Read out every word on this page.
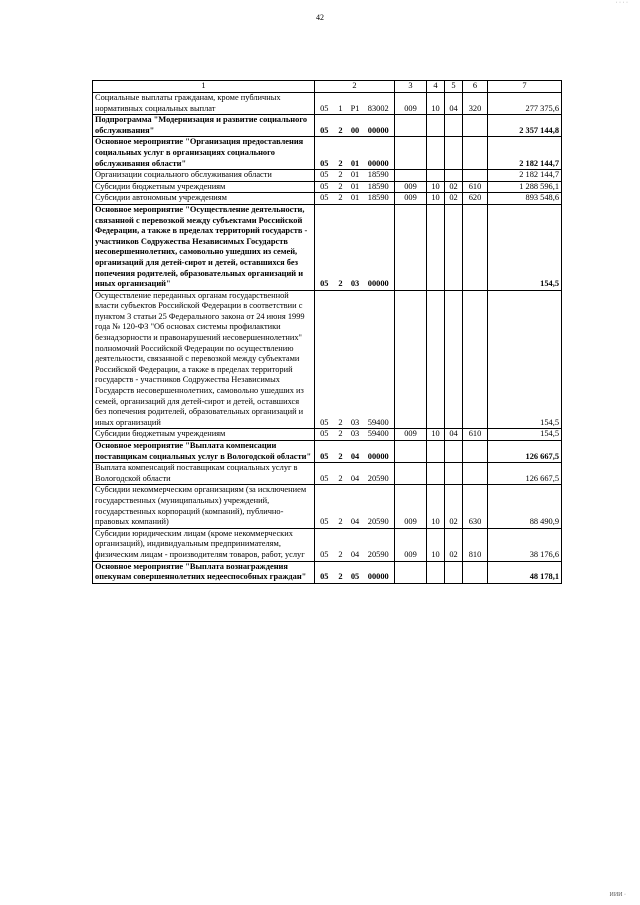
· · · ·
42
1	2				3	4	5	6	7
Социальные выплаты гражданам, кроме публичных нормативных социальных выплат	05	1	Р1	83002	009	10	04	320	277 375,6
Подпрограмма "Модернизация и развитие социального обслуживания"	05	2	00	00000					2 357 144,8
Основное мероприятие "Организация предоставления социальных услуг в организациях социального обслуживания области"	05	2	01	00000					2 182 144,7
Организации социального обслуживания области	05	2	01	18590					2 182 144,7
Субсидии бюджетным учреждениям	05	2	01	18590	009	10	02	610	1 288 596,1
Субсидии автономным учреждениям	05	2	01	18590	009	10	02	620	893 548,6
Основное мероприятие "Осуществление деятельности, связанной с перевозкой между субъектами Российской Федерации, а также в пределах территорий государств - участников Содружества Независимых Государств несовершеннолетних, самовольно ушедших из семей, организаций для детей-сирот и детей, оставшихся без попечения родителей, образовательных организаций и иных организаций"	05	2	03	00000					154,5
Осуществление переданных органам государственной власти субъектов Российской Федерации в соответствии с пунктом 3 статьи 25 Федерального закона от 24 июня 1999 года № 120-ФЗ "Об основах системы профилактики безнадзорности и правонарушений несовершеннолетних" полномочий Российской Федерации по осуществлению деятельности, связанной с перевозкой между субъектами Российской Федерации, а также в пределах территорий государств - участников Содружества Независимых Государств несовершеннолетних, самовольно ушедших из семей, организаций для детей-сирот и детей, оставшихся без попечения родителей, образовательных организаций и иных организаций	05	2	03	59400					154,5
Субсидии бюджетным учреждениям	05	2	03	59400	009	10	04	610	154,5
Основное мероприятие "Выплата компенсации поставщикам социальных услуг в Вологодской области"	05	2	04	00000					126 667,5
Выплата компенсаций поставщикам социальных услуг в Вологодской области	05	2	04	20590					126 667,5
Субсидии некоммерческим организациям (за исключением государственных (муниципальных) учреждений, государственных корпораций (компаний), публично-правовых компаний)	05	2	04	20590	009	10	02	630	88 490,9
Субсидии юридическим лицам (кроме некоммерческих организаций), индивидуальным предпринимателям, физическим лицам - производителям товаров, работ, услуг	05	2	04	20590	009	10	02	810	38 176,6
Основное мероприятие "Выплата вознаграждения опекунам совершеннолетних недееспособных граждан"	05	2	05	00000					48 178,1
ИИИ ·
